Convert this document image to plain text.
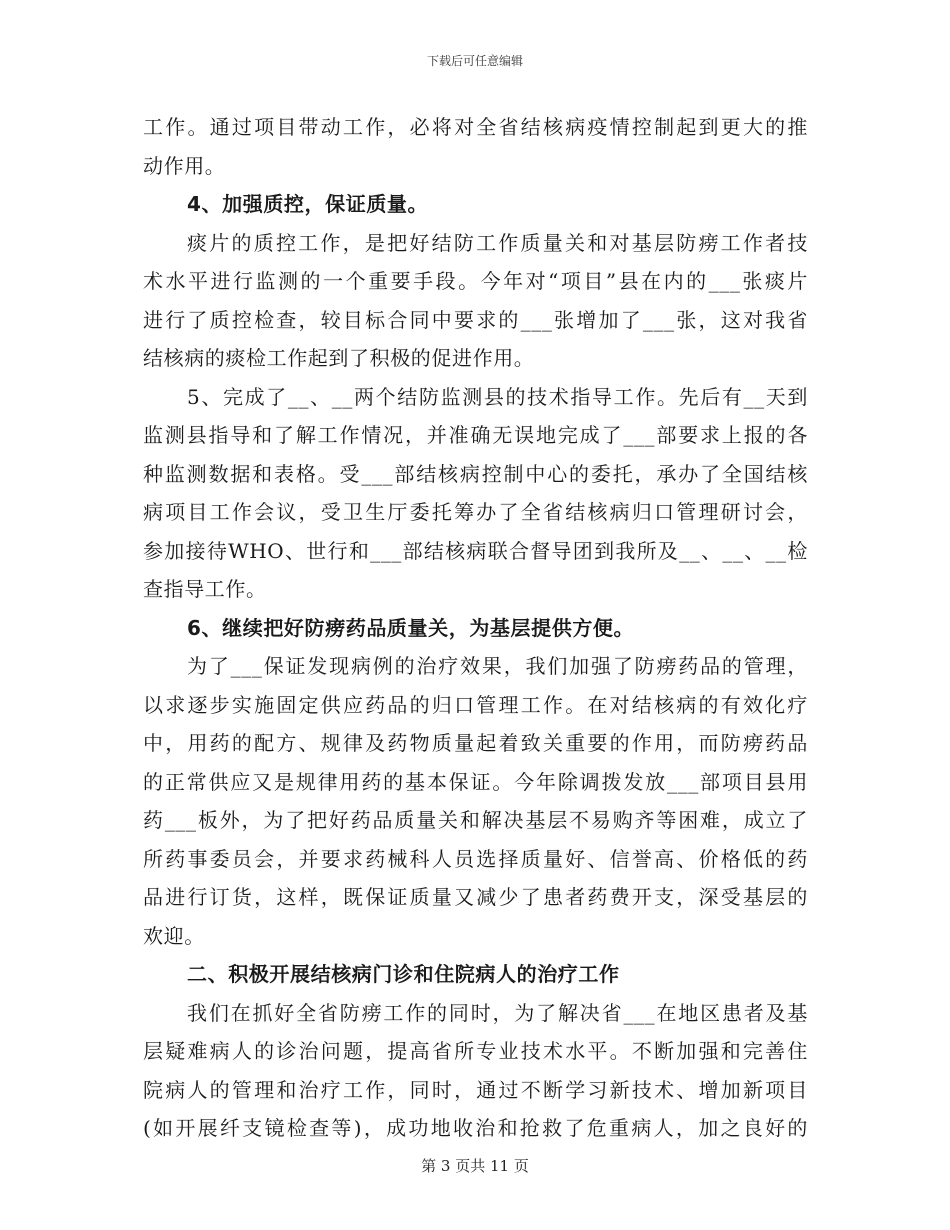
下载后可任意编辑
工作。通过项目带动工作，必将对全省结核病疫情控制起到更大的推
动作用。
4、加强质控，保证质量。
痰片的质控工作，是把好结防工作质量关和对基层防痨工作者技
术水平进行监测的一个重要手段。今年对“项目”县在内的___张痰片
进行了质控检查，较目标合同中要求的___张增加了___张，这对我省
结核病的痰检工作起到了积极的促进作用。
5、完成了__、__两个结防监测县的技术指导工作。先后有__天到
监测县指导和了解工作情况，并准确无误地完成了___部要求上报的各
种监测数据和表格。受___部结核病控制中心的委托，承办了全国结核
病项目工作会议，受卫生厅委托筹办了全省结核病归口管理研讨会，
参加接待WHO、世行和___部结核病联合督导团到我所及__、__、__检
查指导工作。
6、继续把好防痨药品质量关，为基层提供方便。
为了___保证发现病例的治疗效果，我们加强了防痨药品的管理，
以求逐步实施固定供应药品的归口管理工作。在对结核病的有效化疗
中，用药的配方、规律及药物质量起着致关重要的作用，而防痨药品
的正常供应又是规律用药的基本保证。今年除调拨发放___部项目县用
药___板外，为了把好药品质量关和解决基层不易购齐等困难，成立了
所药事委员会，并要求药械科人员选择质量好、信誉高、价格低的药
品进行订货，这样，既保证质量又减少了患者药费开支，深受基层的
欢迎。
二、积极开展结核病门诊和住院病人的治疗工作
我们在抓好全省防痨工作的同时，为了解决省___在地区患者及基
层疑难病人的诊治问题，提高省所专业技术水平。不断加强和完善住
院病人的管理和治疗工作，同时，通过不断学习新技术、增加新项目
(如开展纤支镜检查等)，成功地收治和抢救了危重病人，加之良好的
第 3 页共 11 页
